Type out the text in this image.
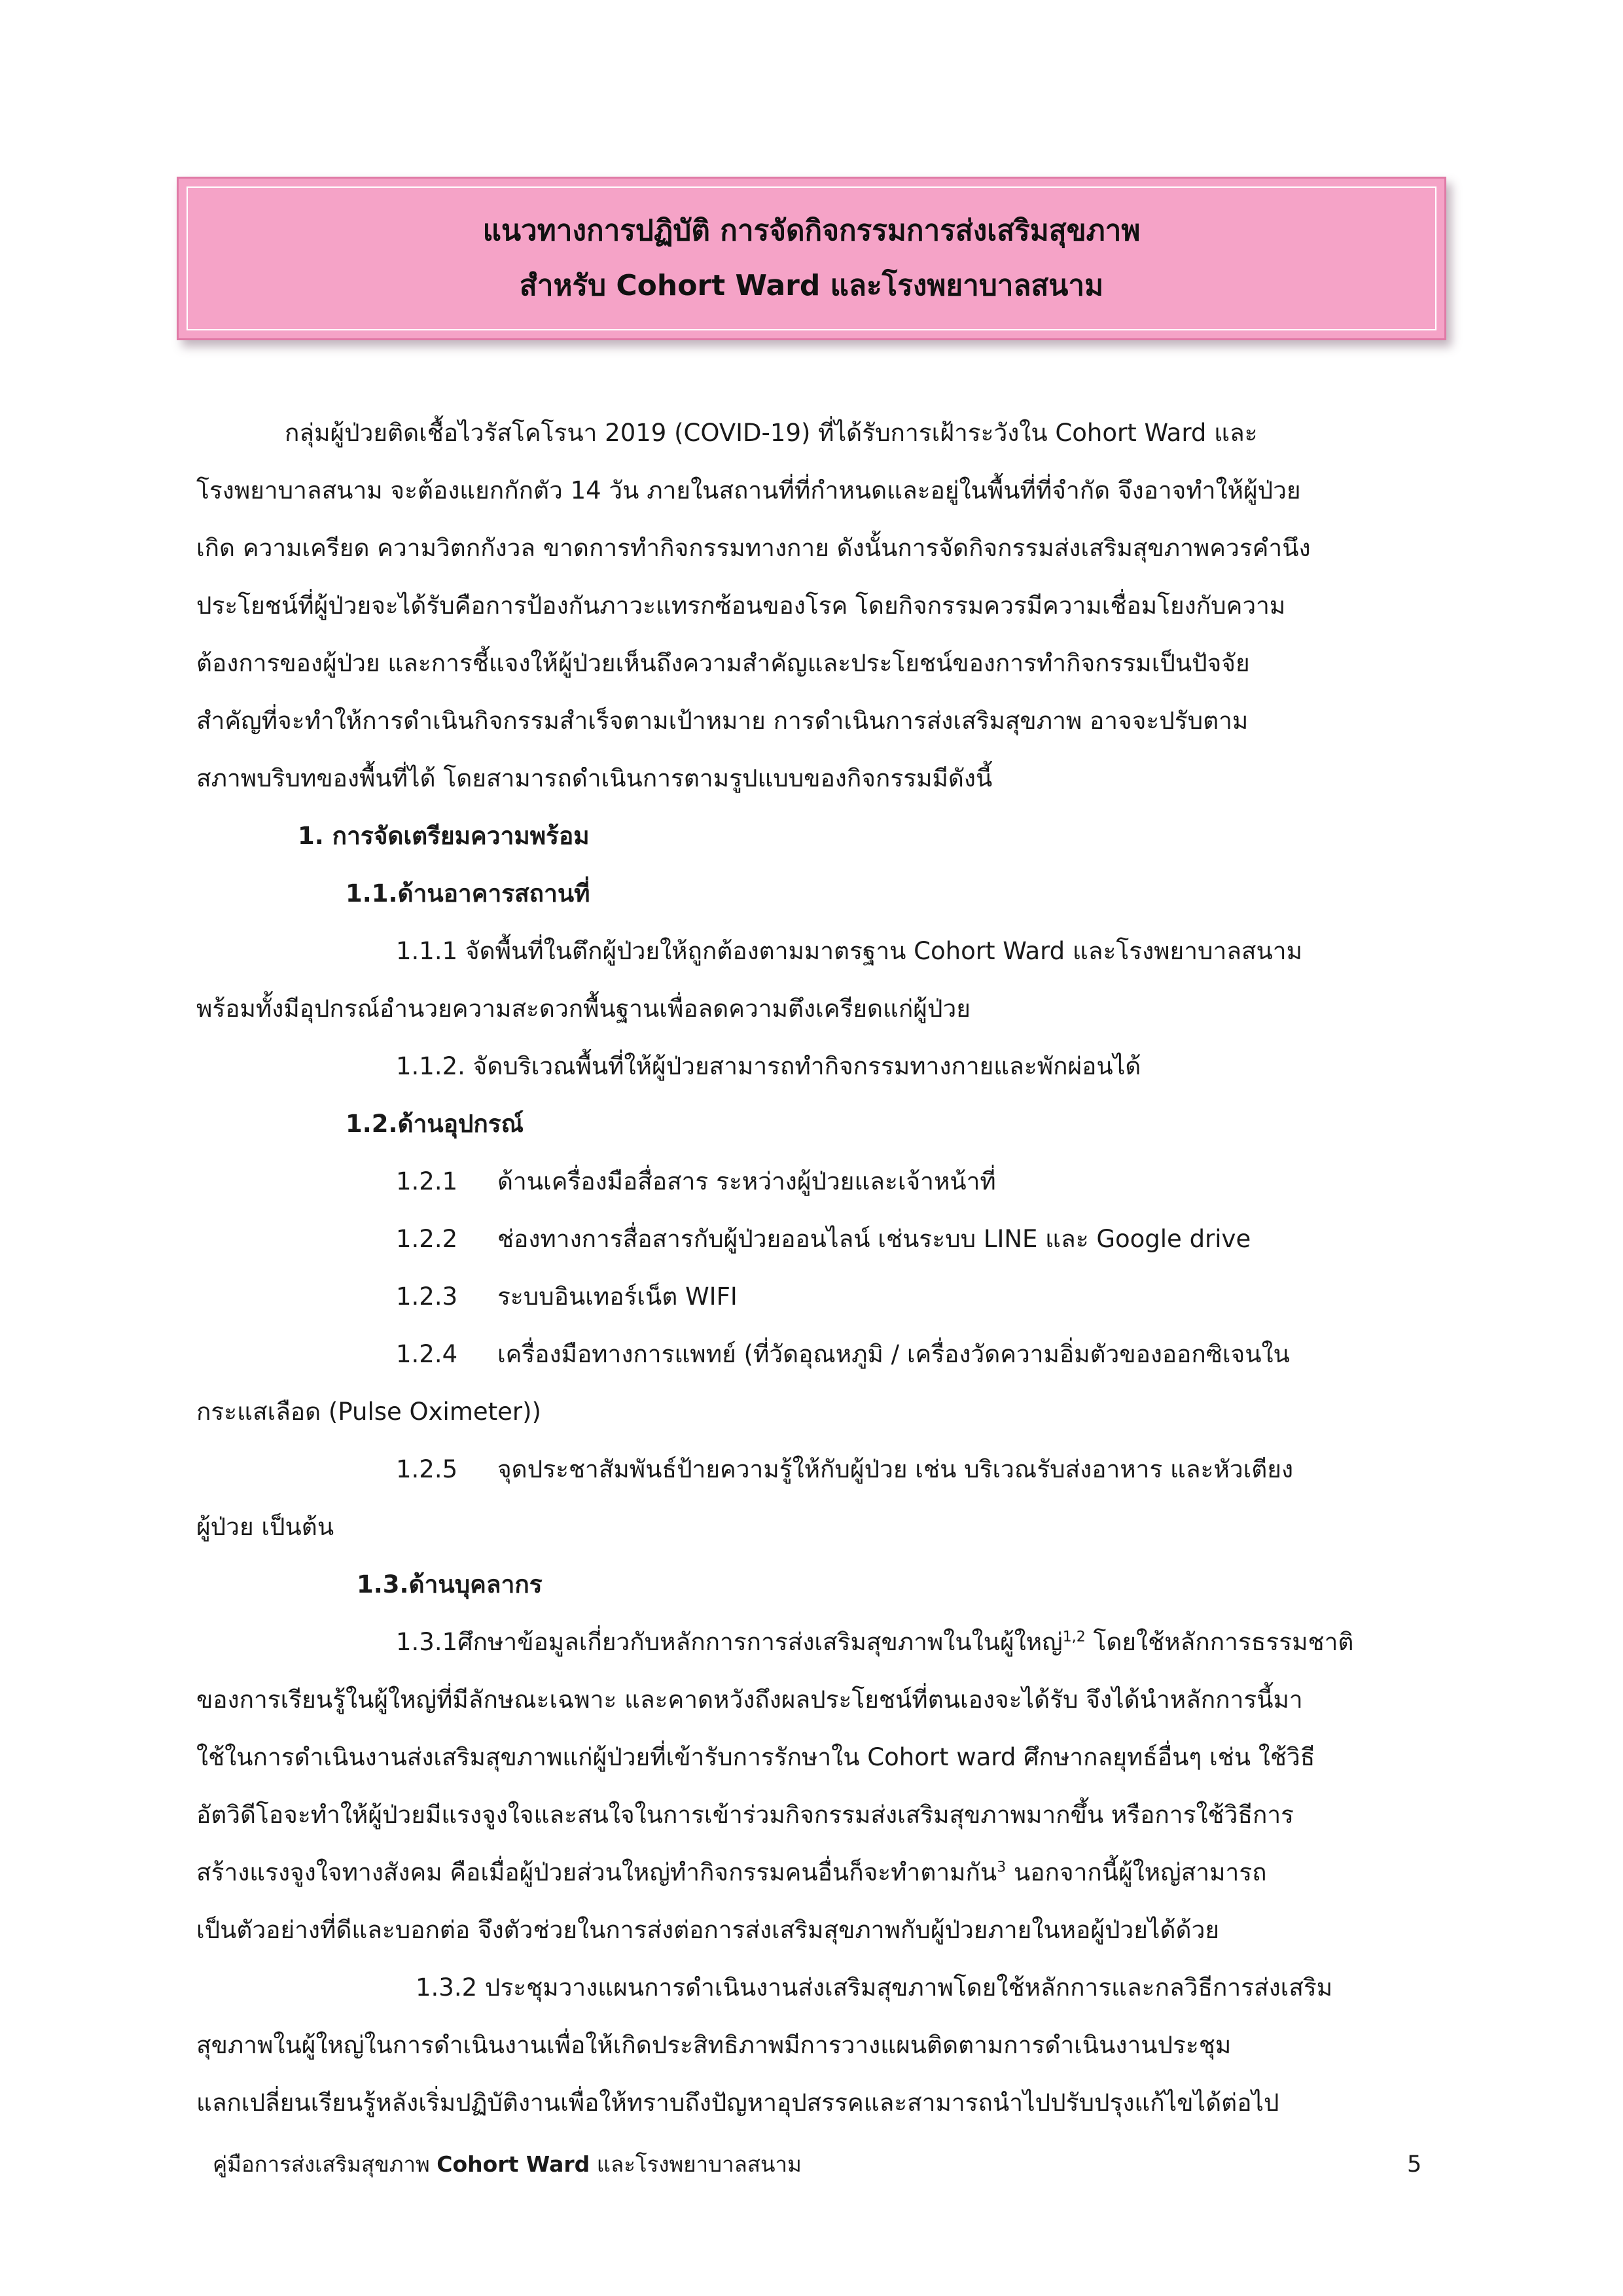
แนวทางการปฏิบัติ การจัดกิจกรรมการส่งเสริมสุขภาพ
สำหรับ Cohort Ward และโรงพยาบาลสนาม
กลุ่มผู้ป่วยติดเชื้อไวรัสโคโรนา 2019 (COVID-19) ที่ได้รับการเฝ้าระวังใน Cohort Ward และ
โรงพยาบาลสนาม จะต้องแยกกักตัว 14 วัน ภายในสถานที่ที่กำหนดและอยู่ในพื้นที่ที่จำกัด จึงอาจทำให้ผู้ป่วย
เกิด ความเครียด ความวิตกกังวล ขาดการทำกิจกรรมทางกาย ดังนั้นการจัดกิจกรรมส่งเสริมสุขภาพควรคำนึง
ประโยชน์ที่ผู้ป่วยจะได้รับคือการป้องกันภาวะแทรกซ้อนของโรค โดยกิจกรรมควรมีความเชื่อมโยงกับความ
ต้องการของผู้ป่วย และการชี้แจงให้ผู้ป่วยเห็นถึงความสำคัญและประโยชน์ของการทำกิจกรรมเป็นปัจจัย
สำคัญที่จะทำให้การดำเนินกิจกรรมสำเร็จตามเป้าหมาย การดำเนินการส่งเสริมสุขภาพ อาจจะปรับตาม
สภาพบริบทของพื้นที่ได้ โดยสามารถดำเนินการตามรูปแบบของกิจกรรมมีดังนี้
1. การจัดเตรียมความพร้อม
1.1.ด้านอาคารสถานที่
1.1.1 จัดพื้นที่ในตึกผู้ป่วยให้ถูกต้องตามมาตรฐาน Cohort Ward และโรงพยาบาลสนาม
พร้อมทั้งมีอุปกรณ์อำนวยความสะดวกพื้นฐานเพื่อลดความตึงเครียดแก่ผู้ป่วย
1.1.2. จัดบริเวณพื้นที่ให้ผู้ป่วยสามารถทำกิจกรรมทางกายและพักผ่อนได้
1.2.ด้านอุปกรณ์
1.2.1 ด้านเครื่องมือสื่อสาร ระหว่างผู้ป่วยและเจ้าหน้าที่
1.2.2 ช่องทางการสื่อสารกับผู้ป่วยออนไลน์ เช่นระบบ LINE และ Google drive
1.2.3 ระบบอินเทอร์เน็ต WIFI
1.2.4 เครื่องมือทางการแพทย์ (ที่วัดอุณหภูมิ / เครื่องวัดความอิ่มตัวของออกซิเจนใน
กระแสเลือด (Pulse Oximeter))
1.2.5 จุดประชาสัมพันธ์ป้ายความรู้ให้กับผู้ป่วย เช่น บริเวณรับส่งอาหาร และหัวเตียง
ผู้ป่วย เป็นต้น
1.3.ด้านบุคลากร
1.3.1ศึกษาข้อมูลเกี่ยวกับหลักการการส่งเสริมสุขภาพในในผู้ใหญ่$^{1,2}$ โดยใช้หลักการธรรมชาติ
ของการเรียนรู้ในผู้ใหญ่ที่มีลักษณะเฉพาะ และคาดหวังถึงผลประโยชน์ที่ตนเองจะได้รับ จึงได้นำหลักการนี้มา
ใช้ในการดำเนินงานส่งเสริมสุขภาพแก่ผู้ป่วยที่เข้ารับการรักษาใน Cohort ward ศึกษากลยุทธ์อื่นๆ เช่น ใช้วิธี
อัตวิดีโอจะทำให้ผู้ป่วยมีแรงจูงใจและสนใจในการเข้าร่วมกิจกรรมส่งเสริมสุขภาพมากขึ้น หรือการใช้วิธีการ
สร้างแรงจูงใจทางสังคม คือเมื่อผู้ป่วยส่วนใหญ่ทำกิจกรรมคนอื่นก็จะทำตามกัน$^3$ นอกจากนี้ผู้ใหญ่สามารถ
เป็นตัวอย่างที่ดีและบอกต่อ จึงตัวช่วยในการส่งต่อการส่งเสริมสุขภาพกับผู้ป่วยภายในหอผู้ป่วยได้ด้วย
1.3.2 ประชุมวางแผนการดำเนินงานส่งเสริมสุขภาพโดยใช้หลักการและกลวิธีการส่งเสริม
สุขภาพในผู้ใหญ่ในการดำเนินงานเพื่อให้เกิดประสิทธิภาพมีการวางแผนติดตามการดำเนินงานประชุม
แลกเปลี่ยนเรียนรู้หลังเริ่มปฏิบัติงานเพื่อให้ทราบถึงปัญหาอุปสรรคและสามารถนำไปปรับปรุงแก้ไขได้ต่อไป
คู่มือการส่งเสริมสุขภาพ Cohort Ward และโรงพยาบาลสนาม	5
